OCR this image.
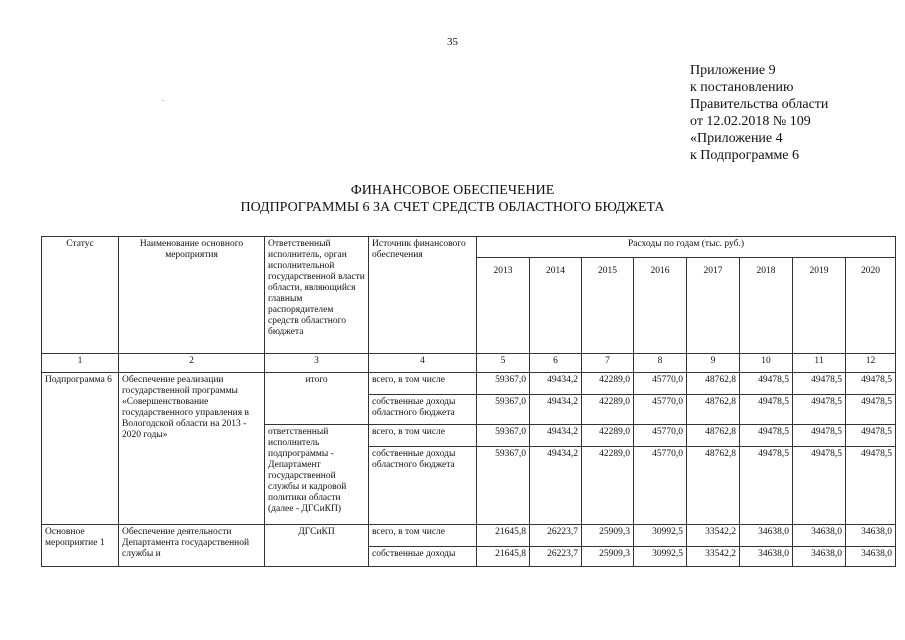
35
Приложение 9
к постановлению
Правительства области
от 12.02.2018 № 109
«Приложение 4
к Подпрограмме 6
ФИНАНСОВОЕ ОБЕСПЕЧЕНИЕ
ПОДПРОГРАММЫ 6 ЗА СЧЕТ СРЕДСТВ ОБЛАСТНОГО БЮДЖЕТА
Статус	Наименование основного мероприятия	Ответственный исполнитель, орган исполнительной государственной власти области, являющийся главным распорядителем средств областного бюджета	Источник финансового обеспечения	Расходы по годам (тыс. руб.)							
				2013	2014	2015	2016	2017	2018	2019	2020
1	2	3	4	5	6	7	8	9	10	11	12
Подпрограмма 6	Обеспечение реализации государственной программы «Совершенствование государственного управления в Вологодской области на 2013 - 2020 годы»	итого	всего, в том числе	59367,0	49434,2	42289,0	45770,0	48762,8	49478,5	49478,5	49478,5
			собственные доходы областного бюджета	59367,0	49434,2	42289,0	45770,0	48762,8	49478,5	49478,5	49478,5
		ответственный исполнитель подпрограммы - Департамент государственной службы и кадровой политики области (далее - ДГСиКП)	всего, в том числе	59367,0	49434,2	42289,0	45770,0	48762,8	49478,5	49478,5	49478,5
			собственные доходы областного бюджета	59367,0	49434,2	42289,0	45770,0	48762,8	49478,5	49478,5	49478,5
Основное мероприятие 1	Обеспечение деятельности Департамента государственной службы и	ДГСиКП	всего, в том числе	21645,8	26223,7	25909,3	30992,5	33542,2	34638,0	34638,0	34638,0
			собственные доходы	21645,8	26223,7	25909,3	30992,5	33542,2	34638,0	34638,0	34638,0
